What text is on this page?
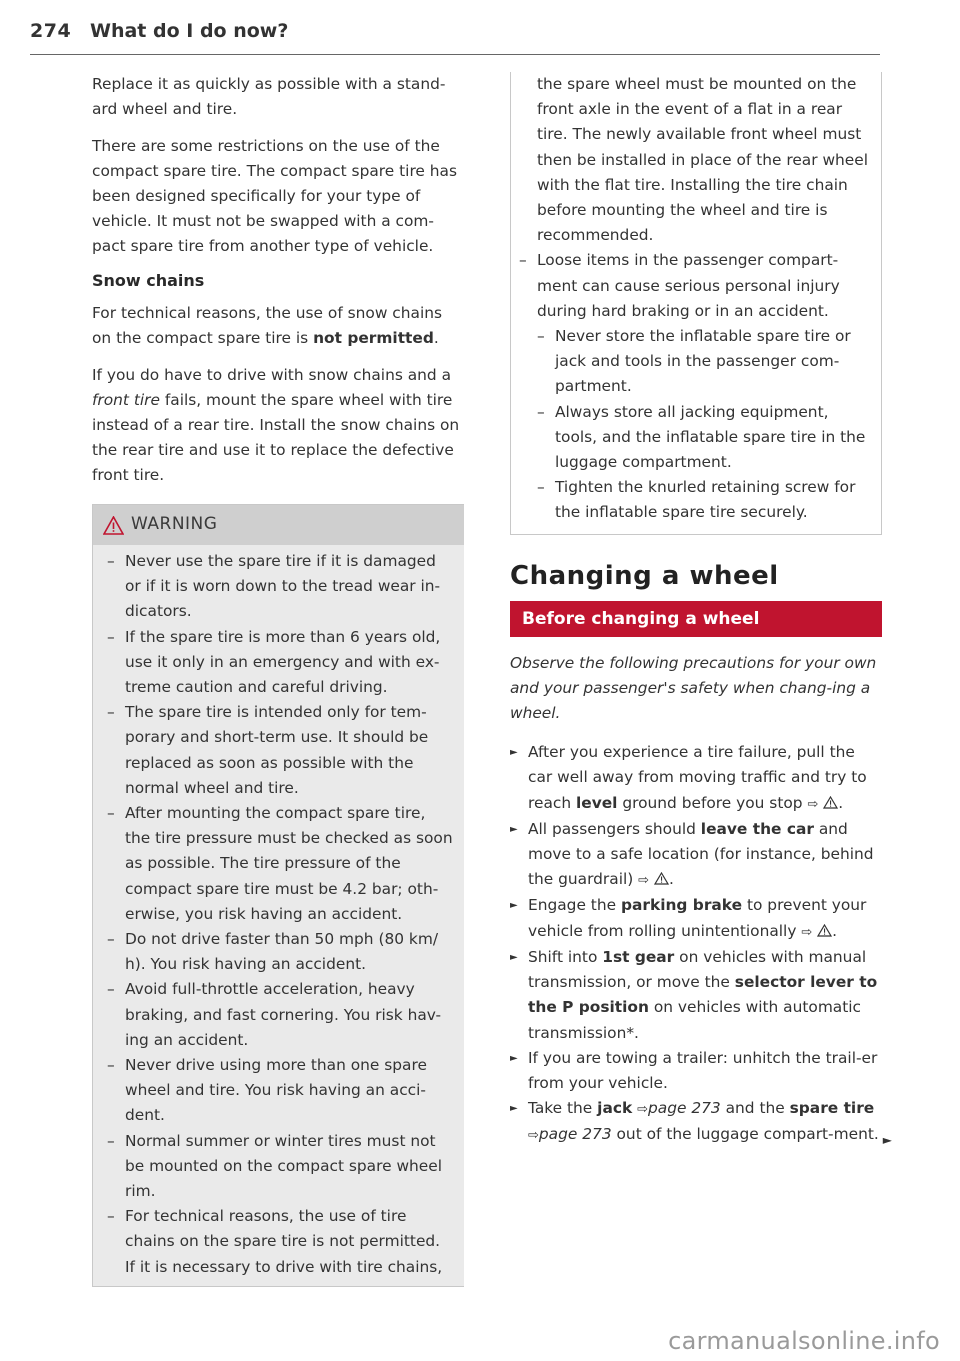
274 What do I do now?

Replace it as quickly as possible with a stand-ard wheel and tire.

There are some restrictions on the use of the compact spare tire. The compact spare tire has been designed specifically for your type of vehicle. It must not be swapped with a com-pact spare tire from another type of vehicle.

Snow chains

For technical reasons, the use of snow chains on the compact spare tire is not permitted.

If you do have to drive with snow chains and a front tire fails, mount the spare wheel with tire instead of a rear tire. Install the snow chains on the rear tire and use it to replace the defective front tire.

WARNING
– Never use the spare tire if it is damaged or if it is worn down to the tread wear in-dicators.
– If the spare tire is more than 6 years old, use it only in an emergency and with ex-treme caution and careful driving.
– The spare tire is intended only for tem-porary and short-term use. It should be replaced as soon as possible with the normal wheel and tire.
– After mounting the compact spare tire, the tire pressure must be checked as soon as possible. The tire pressure of the compact spare tire must be 4.2 bar; oth-erwise, you risk having an accident.
– Do not drive faster than 50 mph (80 km/ h). You risk having an accident.
– Avoid full-throttle acceleration, heavy braking, and fast cornering. You risk hav-ing an accident.
– Never drive using more than one spare wheel and tire. You risk having an acci-dent.
– Normal summer or winter tires must not be mounted on the compact spare wheel rim.
– For technical reasons, the use of tire chains on the spare tire is not permitted. If it is necessary to drive with tire chains,
the spare wheel must be mounted on the front axle in the event of a flat in a rear tire. The newly available front wheel must then be installed in place of the rear wheel with the flat tire. Installing the tire chain before mounting the wheel and tire is recommended.
– Loose items in the passenger compart-ment can cause serious personal injury during hard braking or in an accident.
– Never store the inflatable spare tire or jack and tools in the passenger com-partment.
– Always store all jacking equipment, tools, and the inflatable spare tire in the luggage compartment.
– Tighten the knurled retaining screw for the inflatable spare tire securely.
Changing a wheel
Before changing a wheel

Observe the following precautions for your own and your passenger's safety when chang-ing a wheel.

► After you experience a tire failure, pull the car well away from moving traffic and try to reach level ground before you stop ⇨ .
► All passengers should leave the car and move to a safe location (for instance, behind the guardrail) ⇨ .
► Engage the parking brake to prevent your vehicle from rolling unintentionally ⇨ .
► Shift into 1st gear on vehicles with manual transmission, or move the selector lever to the P position on vehicles with automatic transmission*.
► If you are towing a trailer: unhitch the trail-er from your vehicle.
► Take the jack ⇨page 273 and the spare tire ⇨page 273 out of the luggage compart-ment. ►
carmanualsonline.info
